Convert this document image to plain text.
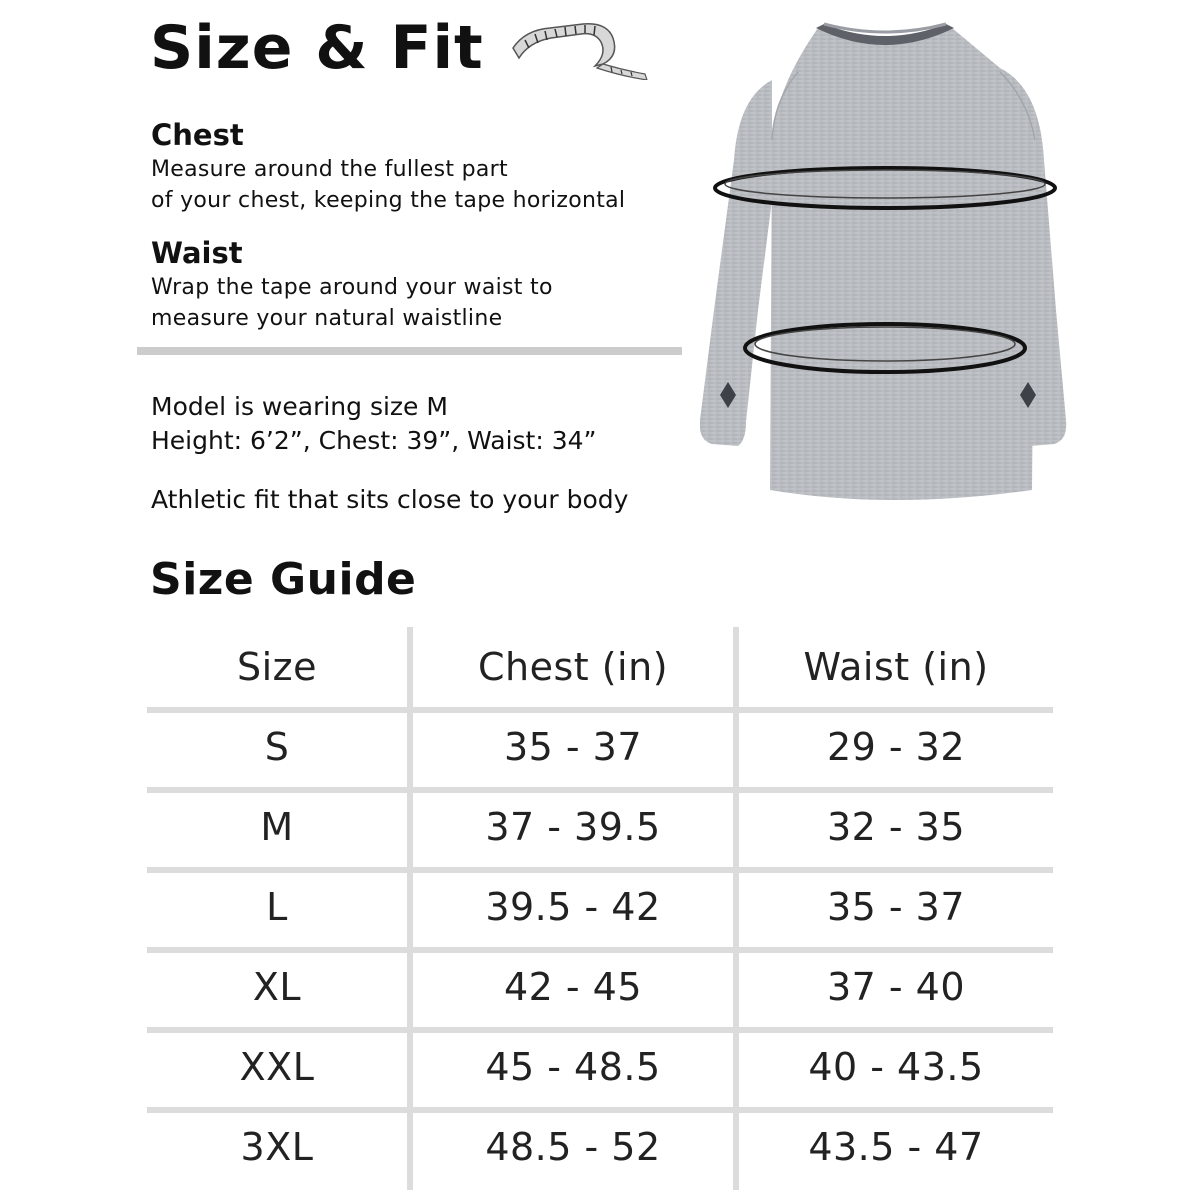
Size & Fit
Chest
Measure around the fullest part
of your chest, keeping the tape horizontal
Waist
Wrap the tape around your waist to
measure your natural waistline
Model is wearing size M
Height: 6’2”, Chest: 39”, Waist: 34”
Athletic fit that sits close to your body
Size Guide
Size	Chest (in)	Waist (in)
S	35 - 37	29 - 32
M	37 - 39.5	32 - 35
L	39.5 - 42	35 - 37
XL	42 - 45	37 - 40
XXL	45 - 48.5	40 - 43.5
3XL	48.5 - 52	43.5 - 47
